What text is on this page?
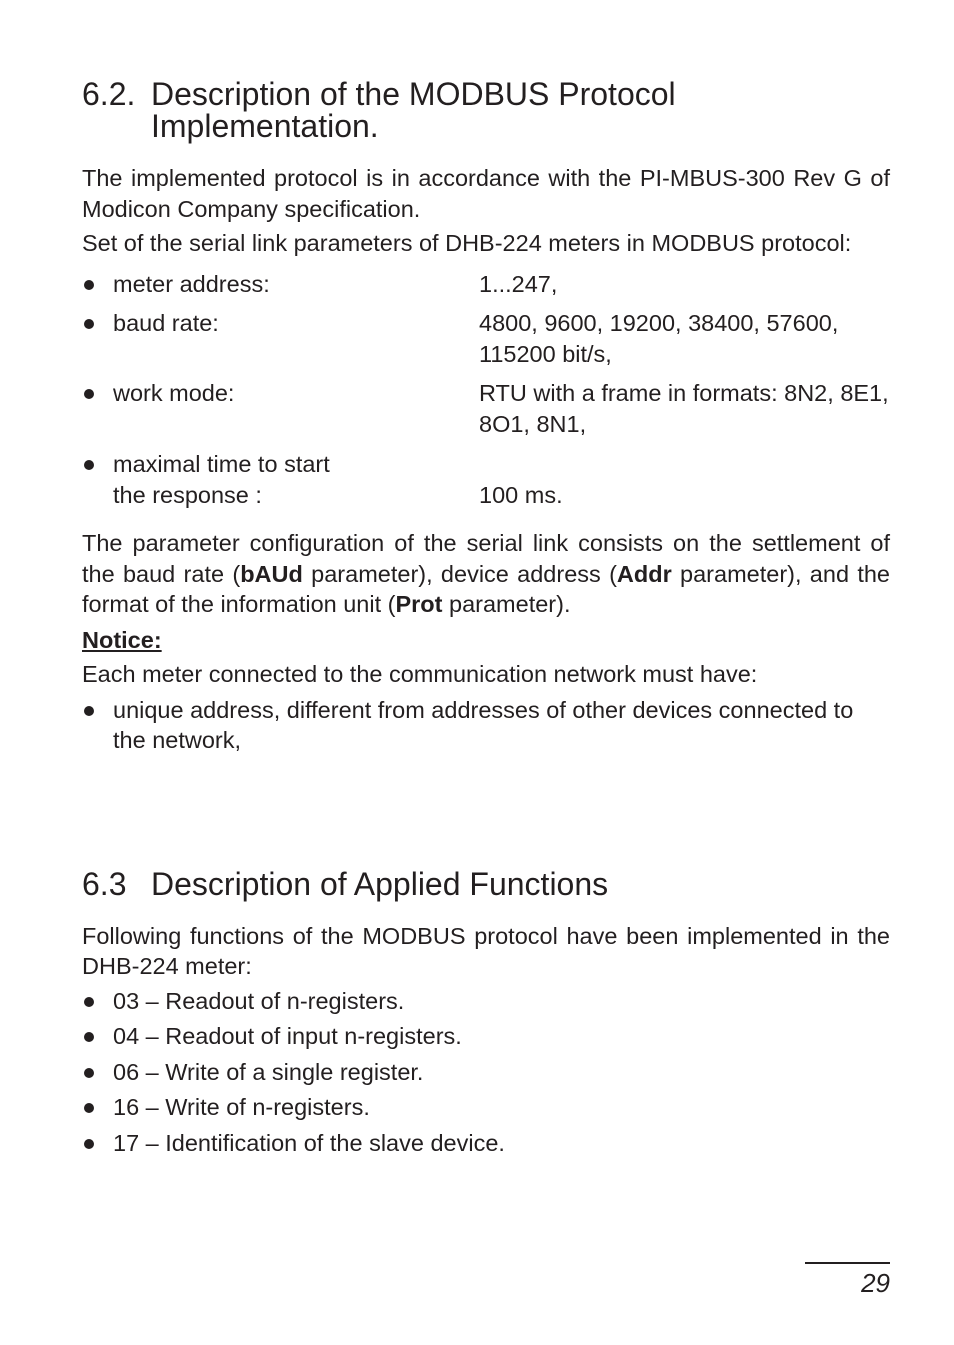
6.2. Description of the MODBUS Protocol Implementation.

The implemented protocol is in accordance with the PI-MBUS-300 Rev G of Modicon Company specification.

Set of the serial link parameters of DHB-224 meters in MODBUS protocol:

meter address:	1...247,
baud rate:	4800, 9600, 19200, 38400, 57600, 115200 bit/s,
work mode:	RTU with a frame in formats: 8N2, 8E1, 8O1, 8N1,
maximal time to start
the response :	100 ms.

The parameter configuration of the serial link consists on the settlement of the baud rate (bAUd parameter), device address (Addr parameter), and the format of the information unit (Prot parameter).

Notice:

Each meter connected to the communication network must have:

unique address, different from addresses of other devices connected to the network,
6.3 Description of Applied Functions

Following functions of the MODBUS protocol have been implemented in the DHB-224 meter:

03 – Readout of n-registers.
04 – Readout of input n-registers.
06 – Write of a single register.
16 – Write of n-registers.
17 – Identification of the slave device.
29
